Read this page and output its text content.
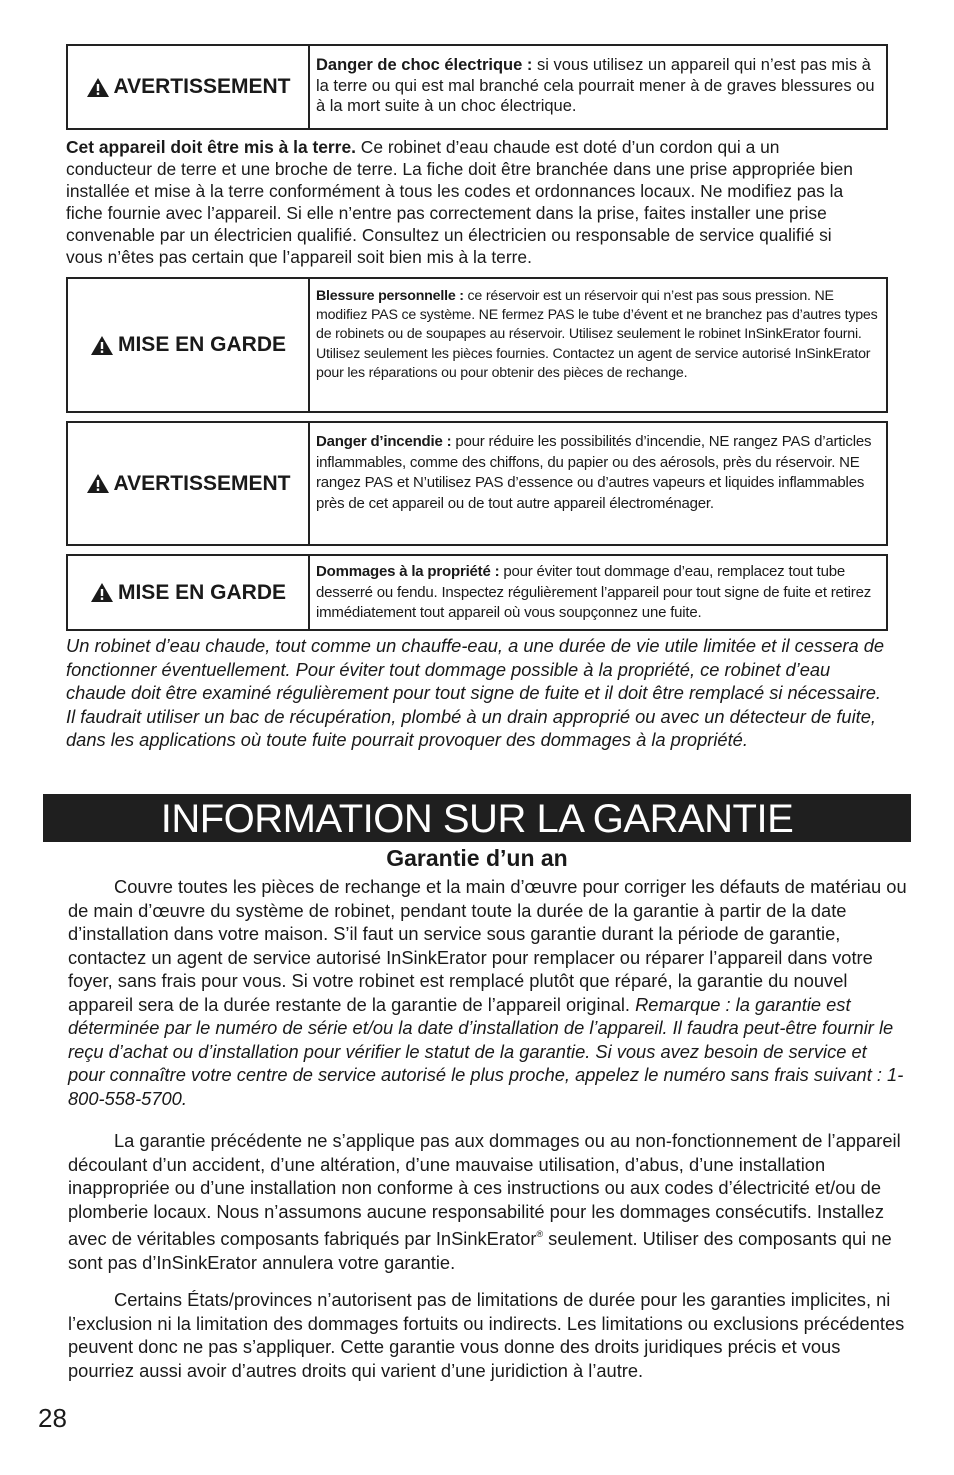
AVERTISSEMENT
Danger de choc électrique : si vous utilisez un appareil qui n’est pas mis à la terre ou qui est mal branché cela pourrait mener à de graves blessures ou à la mort suite à un choc électrique.
Cet appareil doit être mis à la terre. Ce robinet d’eau chaude est doté d’un cordon qui a un conducteur de terre et une broche de terre. La fiche doit être branchée dans une prise appropriée bien installée et mise à la terre conformément à tous les codes et ordonnances locaux. Ne modifiez pas la fiche fournie avec l’appareil. Si elle n’entre pas correctement dans la prise, faites installer une prise convenable par un électricien qualifié. Consultez un électricien ou responsable de service qualifié si vous n’êtes pas certain que l’appareil soit bien mis à la terre.
MISE EN GARDE
Blessure personnelle : ce réservoir est un réservoir qui n’est pas sous pression. NE modifiez PAS ce système. NE fermez PAS le tube d’évent et ne branchez pas d’autres types de robinets ou de soupapes au réservoir. Utilisez seulement le robinet InSinkErator fourni. Utilisez seulement les pièces fournies. Contactez un agent de service autorisé InSinkErator pour les réparations ou pour obtenir des pièces de rechange.
AVERTISSEMENT
Danger d’incendie : pour réduire les possibilités d’incendie, NE rangez PAS d’articles inflammables, comme des chiffons, du papier ou des aérosols, près du réservoir. NE rangez PAS et N’utilisez PAS d’essence ou d’autres vapeurs et liquides inflammables près de cet appareil ou de tout autre appareil électroménager.
MISE EN GARDE
Dommages à la propriété : pour éviter tout dommage d’eau, remplacez tout tube desserré ou fendu. Inspectez régulièrement l’appareil pour tout signe de fuite et retirez immédiatement tout appareil où vous soupçonnez une fuite.
Un robinet d’eau chaude, tout comme un chauffe-eau, a une durée de vie utile limitée et il cessera de fonctionner éventuellement. Pour éviter tout dommage possible à la propriété, ce robinet d’eau chaude doit être examiné régulièrement pour tout signe de fuite et il doit être remplacé si nécessaire. Il faudrait utiliser un bac de récupération, plombé à un drain approprié ou avec un détecteur de fuite, dans les applications où toute fuite pourrait provoquer des dommages à la propriété.
INFORMATION SUR LA GARANTIE
Garantie d’un an
Couvre toutes les pièces de rechange et la main d’œuvre pour corriger les défauts de matériau ou de main d’œuvre du système de robinet, pendant toute la durée de la garantie à partir de la date d’installation dans votre maison. S’il faut un service sous garantie durant la période de garantie, contactez un agent de service autorisé InSinkErator pour remplacer ou réparer l’appareil dans votre foyer, sans frais pour vous. Si votre robinet est remplacé plutôt que réparé, la garantie du nouvel appareil sera de la durée restante de la garantie de l’appareil original. Remarque : la garantie est déterminée par le numéro de série et/ou la date d’installation de l’appareil. Il faudra peut-être fournir le reçu d’achat ou d’installation pour vérifier le statut de la garantie. Si vous avez besoin de service et pour connaître votre centre de service autorisé le plus proche, appelez le numéro sans frais suivant : 1-800-558-5700.
La garantie précédente ne s’applique pas aux dommages ou au non-fonctionnement de l’appareil découlant d’un accident, d’une altération, d’une mauvaise utilisation, d’abus, d’une installation inappropriée ou d’une installation non conforme à ces instructions ou aux codes d’électricité et/ou de plomberie locaux. Nous n’assumons aucune responsabilité pour les dommages consécutifs. Installez avec de véritables composants fabriqués par InSinkErator® seulement. Utiliser des composants qui ne sont pas d’InSinkErator annulera votre garantie.
Certains États/provinces n’autorisent pas de limitations de durée pour les garanties implicites, ni l’exclusion ni la limitation des dommages fortuits ou indirects. Les limitations ou exclusions précédentes peuvent donc ne pas s’appliquer. Cette garantie vous donne des droits juridiques précis et vous pourriez aussi avoir d’autres droits qui varient d’une juridiction à l’autre.
28
